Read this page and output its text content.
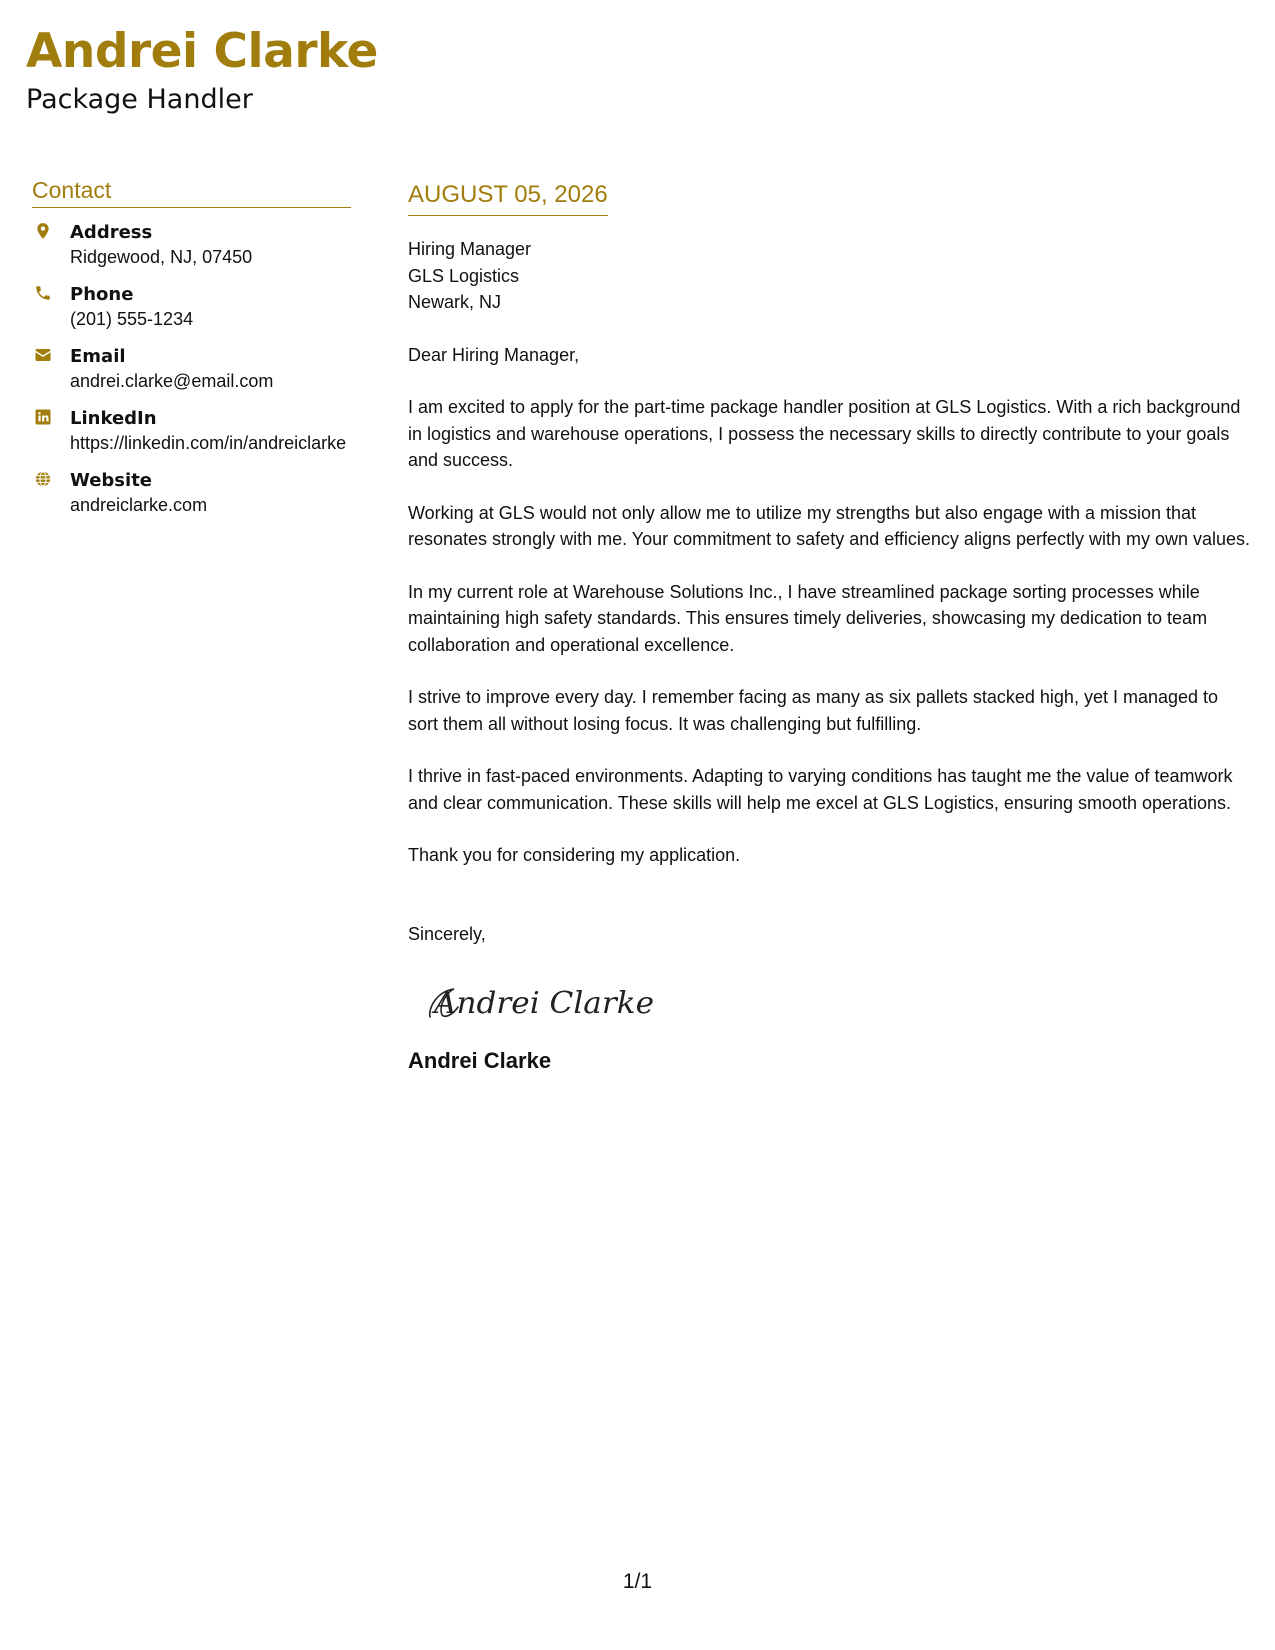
Andrei Clarke
Package Handler
Contact
Address
Ridgewood, NJ, 07450
Phone
(201) 555-1234
Email
andrei.clarke@email.com
LinkedIn
https://linkedin.com/in/andreiclarke
Website
andreiclarke.com
AUGUST 05, 2026
Hiring Manager
GLS Logistics
Newark, NJ
Dear Hiring Manager,

I am excited to apply for the part-time package handler position at GLS Logistics. With a rich background in logistics and warehouse operations, I possess the necessary skills to directly contribute to your goals and success.

Working at GLS would not only allow me to utilize my strengths but also engage with a mission that resonates strongly with me. Your commitment to safety and efficiency aligns perfectly with my own values.

In my current role at Warehouse Solutions Inc., I have streamlined package sorting processes while maintaining high safety standards. This ensures timely deliveries, showcasing my dedication to team collaboration and operational excellence.

I strive to improve every day. I remember facing as many as six pallets stacked high, yet I managed to sort them all without losing focus. It was challenging but fulfilling.

I thrive in fast-paced environments. Adapting to varying conditions has taught me the value of teamwork and clear communication. These skills will help me excel at GLS Logistics, ensuring smooth operations.

Thank you for considering my application.

Sincerely,
Andrei Clarke
Andrei Clarke
1/1
